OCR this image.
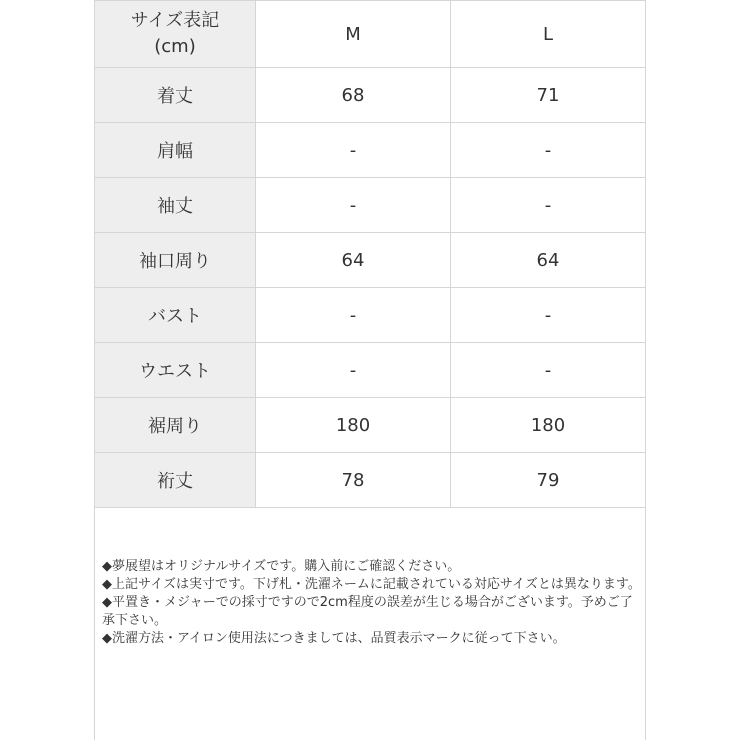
サイズ表記
(cm)	M	L
着丈	68	71
肩幅	-	-
袖丈	-	-
袖口周り	64	64
バスト	-	-
ウエスト	-	-
裾周り	180	180
裄丈	78	79

◆夢展望はオリジナルサイズです。購入前にご確認ください。

◆上記サイズは実寸です。下げ札・洗濯ネームに記載されている対応サイズとは異なります。

◆平置き・メジャーでの採寸ですので2cm程度の誤差が生じる場合がございます。予めご了承下さい。

◆洗濯方法・アイロン使用法につきましては、品質表示マークに従って下さい。
